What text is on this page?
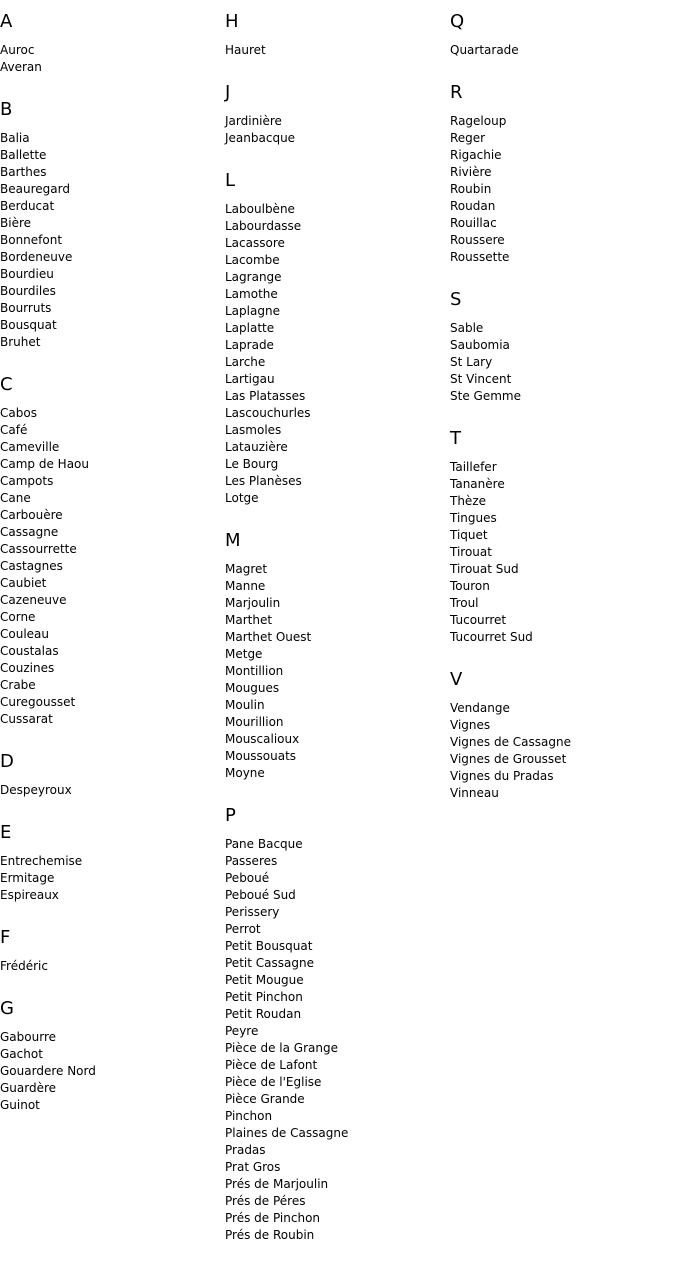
A
Auroc
Averan
B
Balia
Ballette
Barthes
Beauregard
Berducat
Bière
Bonnefont
Bordeneuve
Bourdieu
Bourdiles
Bourruts
Bousquat
Bruhet
C
Cabos
Café
Cameville
Camp de Haou
Campots
Cane
Carbouère
Cassagne
Cassourrette
Castagnes
Caubiet
Cazeneuve
Corne
Couleau
Coustalas
Couzines
Crabe
Curegousset
Cussarat
D
Despeyroux
E
Entrechemise
Ermitage
Espireaux
F
Frédéric
G
Gabourre
Gachot
Gouardere Nord
Guardère
Guinot
H
Hauret
J
Jardinière
Jeanbacque
L
Laboulbène
Labourdasse
Lacassore
Lacombe
Lagrange
Lamothe
Laplagne
Laplatte
Laprade
Larche
Lartigau
Las Platasses
Lascouchurles
Lasmoles
Latauzière
Le Bourg
Les Planèses
Lotge
M
Magret
Manne
Marjoulin
Marthet
Marthet Ouest
Metge
Montillion
Mougues
Moulin
Mourillion
Mouscalioux
Moussouats
Moyne
P
Pane Bacque
Passeres
Peboué
Peboué Sud
Perissery
Perrot
Petit Bousquat
Petit Cassagne
Petit Mougue
Petit Pinchon
Petit Roudan
Peyre
Pièce de la Grange
Pièce de Lafont
Pièce de l'Eglise
Pièce Grande
Pinchon
Plaines de Cassagne
Pradas
Prat Gros
Prés de Marjoulin
Prés de Péres
Prés de Pinchon
Prés de Roubin
Q
Quartarade
R
Rageloup
Reger
Rigachie
Rivière
Roubin
Roudan
Rouillac
Roussere
Roussette
S
Sable
Saubomia
St Lary
St Vincent
Ste Gemme
T
Taillefer
Tananère
Thèze
Tingues
Tiquet
Tirouat
Tirouat Sud
Touron
Troul
Tucourret
Tucourret Sud
V
Vendange
Vignes
Vignes de Cassagne
Vignes de Grousset
Vignes du Pradas
Vinneau
